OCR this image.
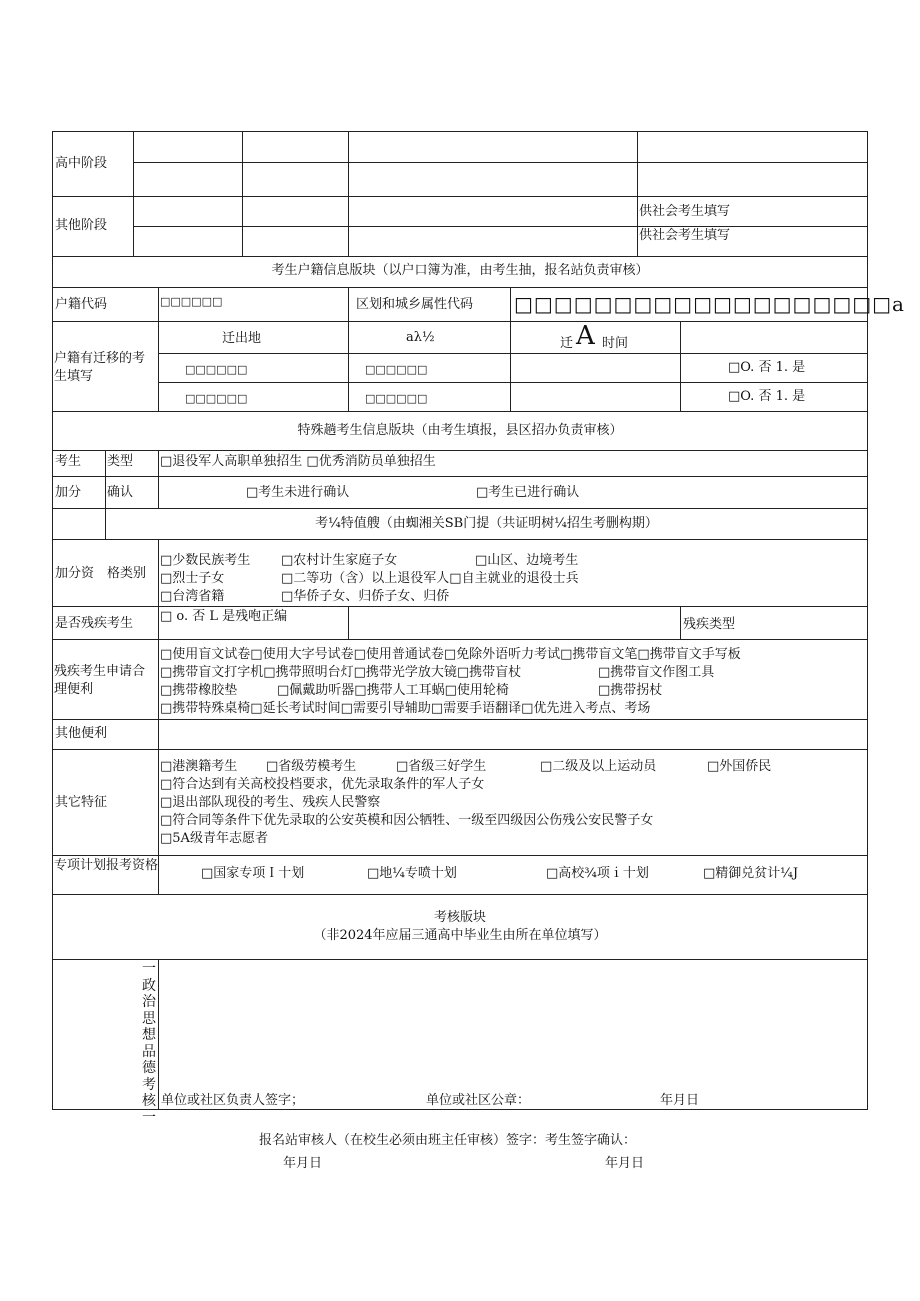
高中阶段
其他阶段
供社会考生填写
供社会考生填写
考生户籍信息版块（以户口簿为准，由考生抽，报名站负责审核）
户籍代码	□□□□□□	区划和城乡属性代码 □□□□□□□□□□□□□□□□□□□a
户籍有迁移的考生填写
迁出地	aλ½	迁 A 时间
□□□□□□	□□□□□□	□O. 否 1. 是
□□□□□□	□□□□□□	□O. 否 1. 是
特殊趟考生信息版块（由考生填报，县区招办负责审核）
考生 类型 □退役军人高职单独招生 □优秀消防员单独招生
加分 确认	□考生未进行确认	□考生已进行确认
考¼特值艘（由蜘湘关SB门提（共证明树¼招生考删构期）
加分资 格类别
□少数民族考生 □农村计生家庭子女	□山区、边境考生
□烈士子女	□二等功（含）以上退役军人□自主就业的退役士兵
□台湾省籍	□华侨子女、归侨子女、归侨
是否残疾考生 □ o. 否 L 是残咆正编
残疾类型
残疾考生申请合理便利
□使用盲文试卷□使用大字号试卷□使用普通试卷□免除外语听力考试□携带盲文笔□携带盲文手写板
□携带盲文打字机□携带照明台灯□携带光学放大镜□携带盲杖	□携带盲文作图工具
□携带橡胶垫	□佩戴助听器□携带人工耳蜗□使用轮椅	□携带拐杖
□携带特殊桌椅□延长考试时间□需要引导辅助□需要手语翻译□优先进入考点、考场
其他便利
其它特征
□港澳籍考生 □省级劳模考生	□省级三好学生	□二级及以上运动员	□外国侨民
□符合达到有关高校投档要求，优先录取条件的军人子女
□退出部队现役的考生、残疾人民警察
□符合同等条件下优先录取的公安英模和因公牺牲、一级至四级因公伤残公安民警子女
□5A级青年志愿者
专项计划报考资格
□国家专项Ｉ十划	□地¼专喷十划	□高校¾项ｉ十划	□精御兑贫计¼J
考核版块
（非2024年应届三通高中毕业生由所在单位填写）
一政治思想品德考核一
单位或社区负责人签字；	单位或社区公章：	年月日
报名站审核人（在校生必须由班主任审核）签字：考生签字确认：
年月日	年月日
